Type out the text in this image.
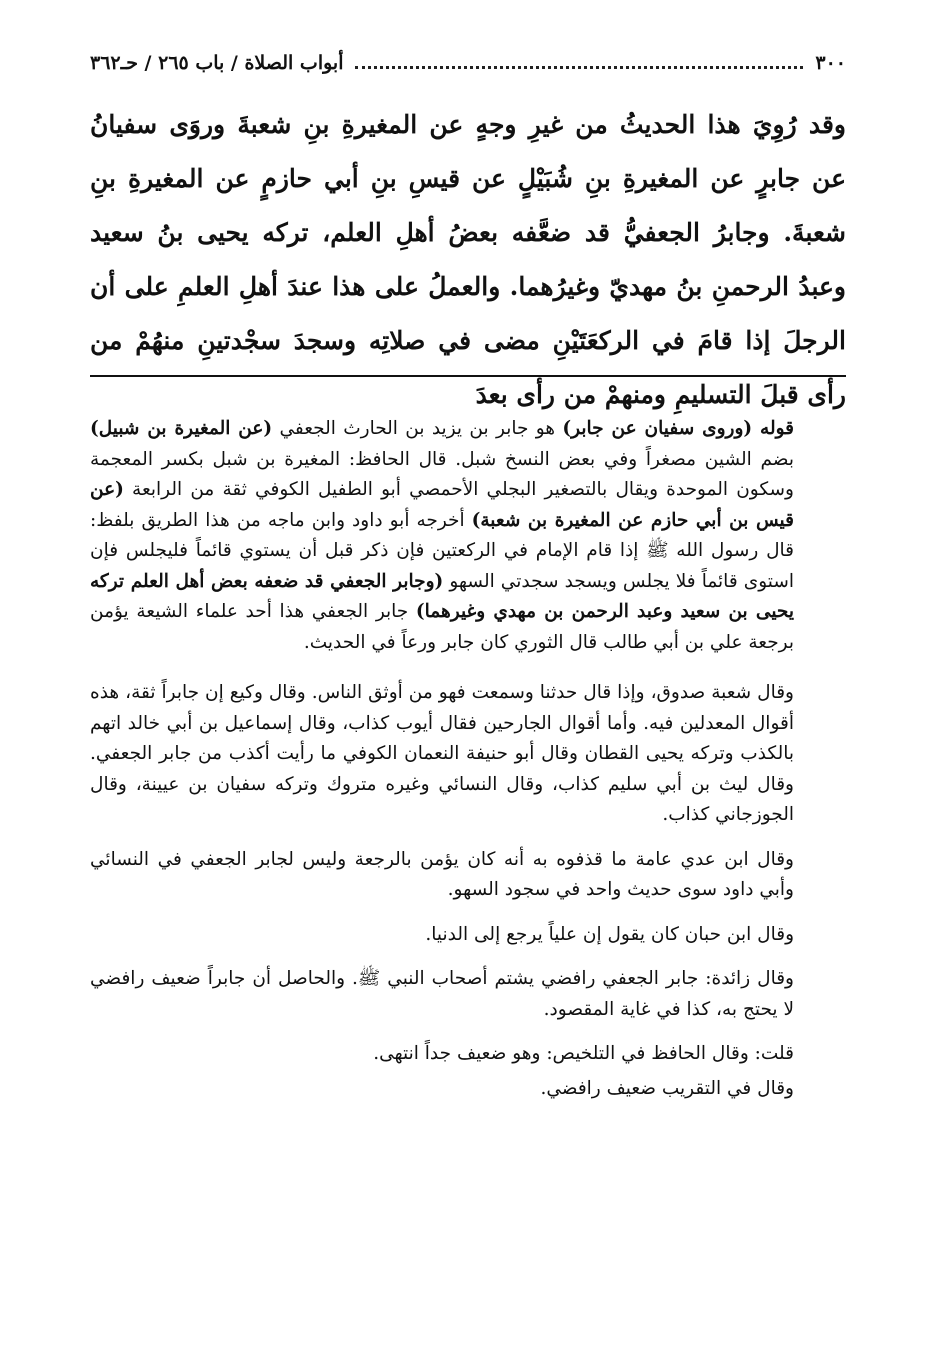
٣٠٠
أبواب الصلاة / باب ٢٦٥ / حـ٣٦٢

وقد رُوِيَ هذا الحديثُ من غيرِ وجهٍ عن المغيرةِ بنِ شعبةَ وروَى سفيانُ عن جابرٍ عن المغيرةِ بنِ شُبَيْلٍ عن قيسِ بنِ أبي حازمٍ عن المغيرةِ بنِ شعبةَ. وجابرُ الجعفيُّ قد ضعَّفه بعضُ أهلِ العلم، تركه يحيى بنُ سعيد وعبدُ الرحمنِ بنُ مهديّ وغيرُهما. والعملُ على هذا عندَ أهلِ العلمِ على أن الرجلَ إذا قامَ في الركعَتَيْنِ مضى في صلاتِه وسجدَ سجْدتينِ منهُمْ من رأى قبلَ التسليمِ ومنهمْ من رأى بعدَ

قوله (وروى سفيان عن جابر) هو جابر بن يزيد بن الحارث الجعفي (عن المغيرة بن شبيل) بضم الشين مصغراً وفي بعض النسخ شبل. قال الحافظ: المغيرة بن شبل بكسر المعجمة وسكون الموحدة ويقال بالتصغير البجلي الأحمصي أبو الطفيل الكوفي ثقة من الرابعة (عن قيس بن أبي حازم عن المغيرة بن شعبة) أخرجه أبو داود وابن ماجه من هذا الطريق بلفظ: قال رسول الله ﷺ إذا قام الإمام في الركعتين فإن ذكر قبل أن يستوي قائماً فليجلس فإن استوى قائماً فلا يجلس ويسجد سجدتي السهو (وجابر الجعفي قد ضعفه بعض أهل العلم تركه يحيى بن سعيد وعبد الرحمن بن مهدي وغيرهما) جابر الجعفي هذا أحد علماء الشيعة يؤمن برجعة علي بن أبي طالب قال الثوري كان جابر ورعاً في الحديث.

وقال شعبة صدوق، وإذا قال حدثنا وسمعت فهو من أوثق الناس. وقال وكيع إن جابراً ثقة، هذه أقوال المعدلين فيه. وأما أقوال الجارحين فقال أيوب كذاب، وقال إسماعيل بن أبي خالد اتهم بالكذب وتركه يحيى القطان وقال أبو حنيفة النعمان الكوفي ما رأيت أكذب من جابر الجعفي. وقال ليث بن أبي سليم كذاب، وقال النسائي وغيره متروك وتركه سفيان بن عيينة، وقال الجوزجاني كذاب.

وقال ابن عدي عامة ما قذفوه به أنه كان يؤمن بالرجعة وليس لجابر الجعفي في النسائي وأبي داود سوى حديث واحد في سجود السهو.

وقال ابن حبان كان يقول إن علياً يرجع إلى الدنيا.

وقال زائدة: جابر الجعفي رافضي يشتم أصحاب النبي ﷺ. والحاصل أن جابراً ضعيف رافضي لا يحتج به، كذا في غاية المقصود.

قلت: وقال الحافظ في التلخيص: وهو ضعيف جداً انتهى.

وقال في التقريب ضعيف رافضي.
